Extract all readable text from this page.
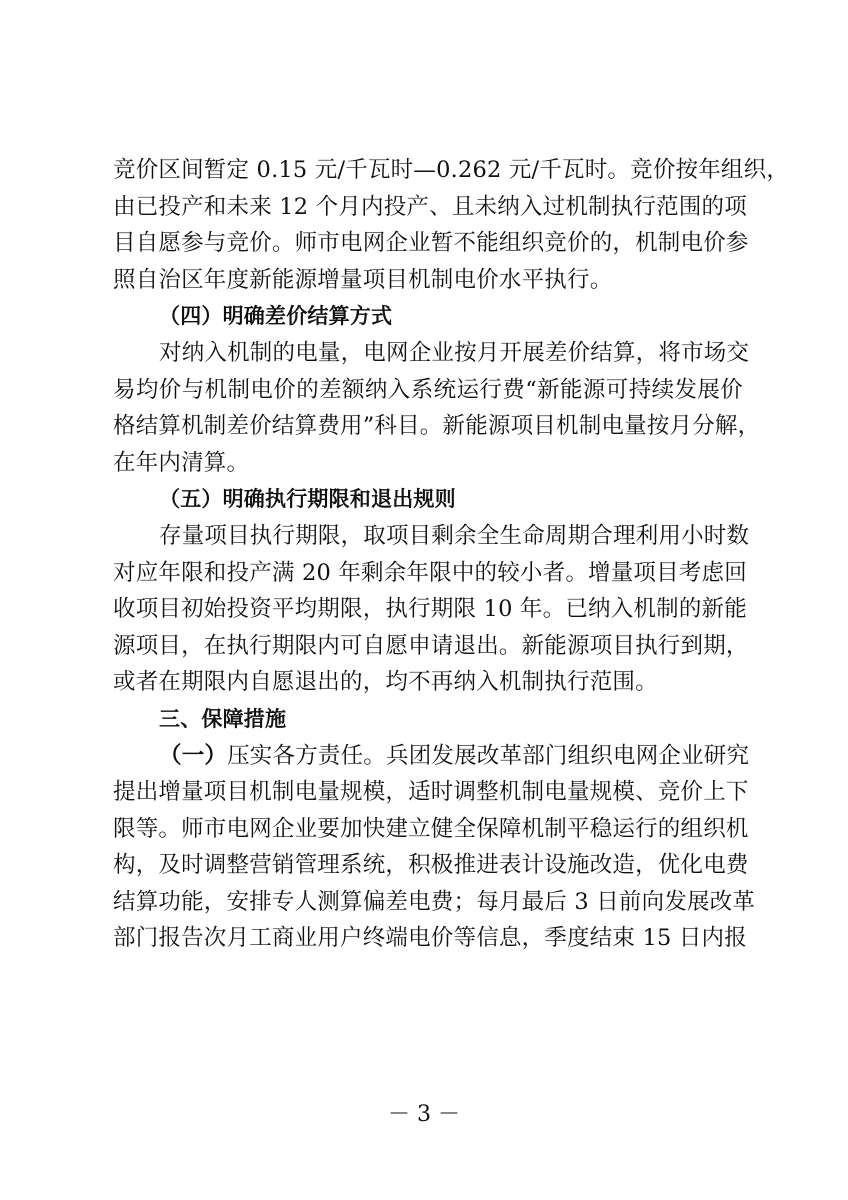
竞价区间暂定 0.15 元/千瓦时—0.262 元/千瓦时。竞价按年组织，
由已投产和未来 12 个月内投产、且未纳入过机制执行范围的项
目自愿参与竞价。师市电网企业暂不能组织竞价的，机制电价参
照自治区年度新能源增量项目机制电价水平执行。
（四）明确差价结算方式
对纳入机制的电量，电网企业按月开展差价结算，将市场交
易均价与机制电价的差额纳入系统运行费“新能源可持续发展价
格结算机制差价结算费用”科目。新能源项目机制电量按月分解，
在年内清算。
（五）明确执行期限和退出规则
存量项目执行期限，取项目剩余全生命周期合理利用小时数
对应年限和投产满 20 年剩余年限中的较小者。增量项目考虑回
收项目初始投资平均期限，执行期限 10 年。已纳入机制的新能
源项目，在执行期限内可自愿申请退出。新能源项目执行到期，
或者在期限内自愿退出的，均不再纳入机制执行范围。
三、保障措施
（一）压实各方责任。兵团发展改革部门组织电网企业研究
提出增量项目机制电量规模，适时调整机制电量规模、竞价上下
限等。师市电网企业要加快建立健全保障机制平稳运行的组织机
构，及时调整营销管理系统，积极推进表计设施改造，优化电费
结算功能，安排专人测算偏差电费；每月最后 3 日前向发展改革
部门报告次月工商业用户终端电价等信息，季度结束 15 日内报
－ 3 －
